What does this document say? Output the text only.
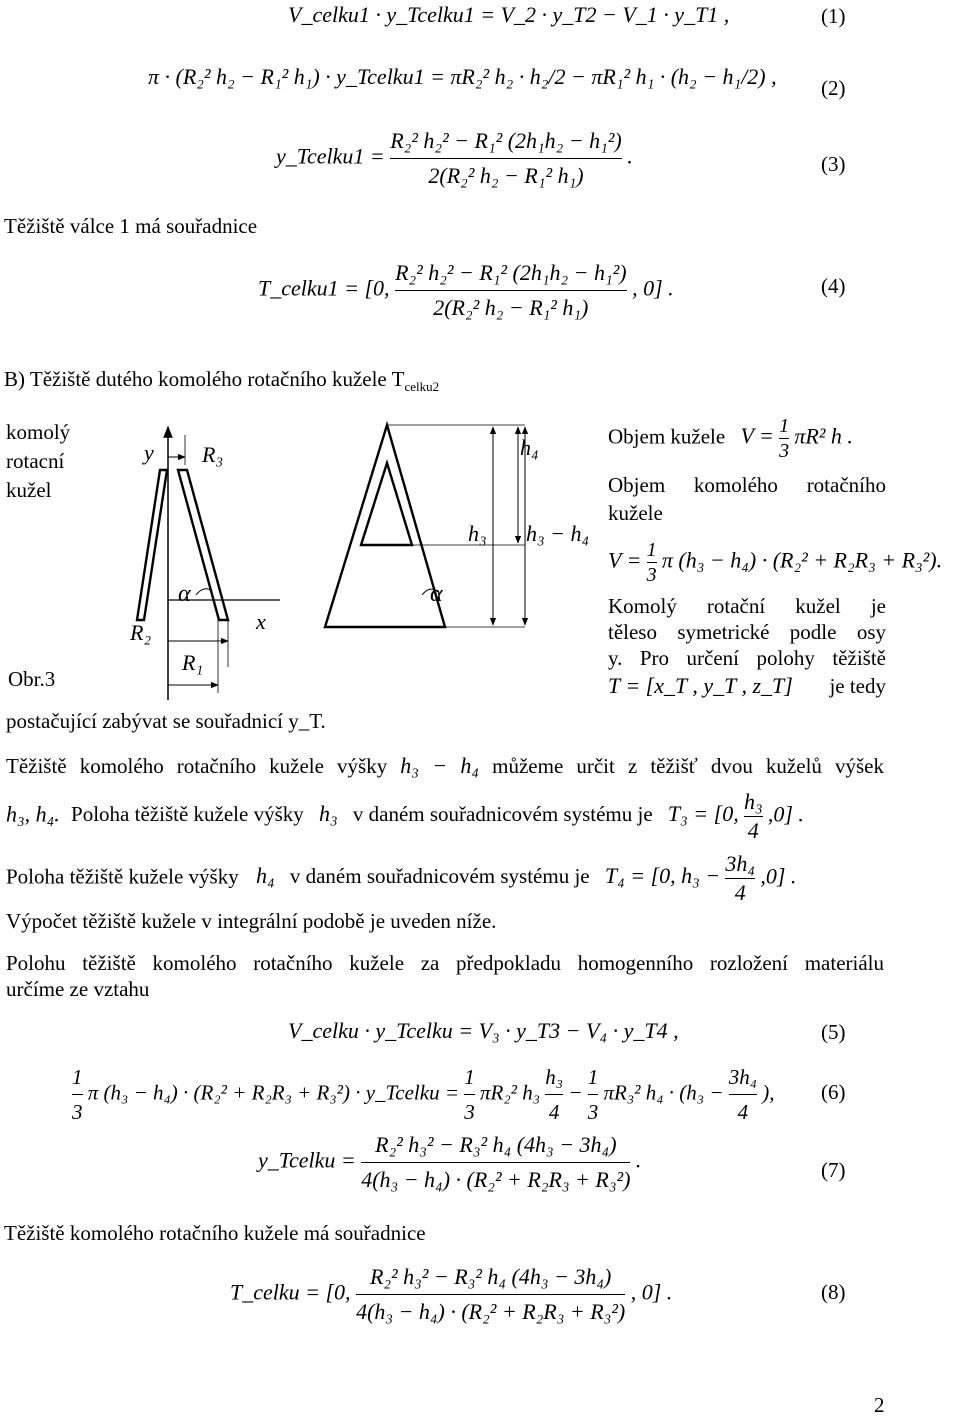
V_celku1 · y_Tcelku1 = V_2 · y_T2 − V_1 · y_T1 ,	(1)
π · (R₂² h₂ − R₁² h₁) · y_Tcelku1 = πR₂² h₂ · h₂/2 − πR₁² h₁ · (h₂ − h₁/2) , (2)
y_Tcelku1 = $\frac{\text{R₂² h₂² − R₁² (2h₁h₂ − h₁²)}}{\text{2(R₂² h₂ − R₁² h₁)}}$ .	(3)
Těžiště válce 1 má souřadnice
T_celku1 = [0, $\frac{\text{R₂² h₂² − R₁² (2h₁h₂ − h₁²)}}{\text{2(R₂² h₂ − R₁² h₁)}}$ , 0] .	(4)
B) Těžiště dutého komolého rotačního kužele $T_{celku2}$
komolý
rotacní
kužel
Obr.3
y R₃
α
x
R₂
R₁
α
h₃
h₄
h₃ − h₄
Objem kužele $V = \frac{1}{3} \pi R^2$ h .
Objem komolého rotačního
kužele
$V = \frac{1}{3}$ π (h₃ − h₄) · (R₂² + R₂R₃ + R₃²).
Komolý rotační kužel je
těleso symetrické podle osy
y. Pro určení polohy těžiště
T = [x_T , y_T , z_T] je tedy
postačující zabývat se souřadnicí y_T.
Těžiště komolého rotačního kužele výšky h₃ − h₄ můžeme určit z těžišť dvou kuželů výšek
h₃, h₄. Poloha těžiště kužele výšky h₃ v daném souřadnicovém systému je T₃ = [0, $\frac{\text{h₃}}{4} ,0$] .
Poloha těžiště kužele výšky h₄ v daném souřadnicovém systému je T₄ = [0, $h_3 - \frac{\text{3h₄}}{4} ,0$] .
Výpočet těžiště kužele v integrální podobě je uveden níže.
Polohu těžiště komolého rotačního kužele za předpokladu homogenního rozložení materiálu
určíme ze vztahu
V_celku · y_Tcelku = V₃ · y_T3 − V₄ · y_T4 ,	(5)
$\frac{1}{3}$ π (h₃ − h₄) · (R₂² + R₂R₃ + R₃²) · y_Tcelku = $\frac{1}{3} \pi R_2^2$ $h_3 \frac{\text{h₃}}{4} - \frac{1}{3} \pi R_3^2$ $h_4 \cdot (h_3 - \frac{\text{3h₄}}{4}$ ), (6)
y_Tcelku = $\frac{\text{R₂² h₃² − R₃² h₄ (4h₃ − 3h₄)}}{\text{4(h₃ − h₄) · (R₂² + R₂R₃ + R₃²)}}$ .	(7)
Těžiště komolého rotačního kužele má souřadnice
T_celku = [0, $\frac{\text{R₂² h₃² − R₃² h₄ (4h₃ − 3h₄)}}{\text{4(h₃ − h₄) · (R₂² + R₂R₃ + R₃²)}}$ , 0] .	(8)
2
